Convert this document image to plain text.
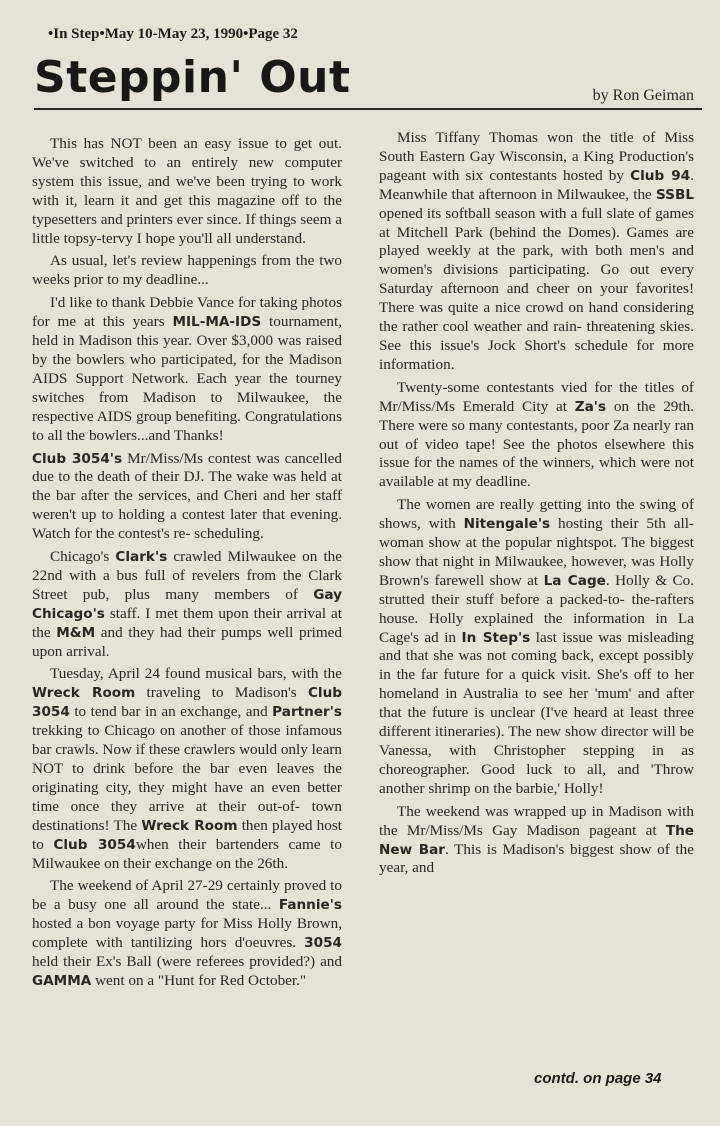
•In Step•May 10-May 23, 1990•Page 32
Steppin' Out	by Ron Geiman

This has NOT been an easy issue to get out. We've switched to an entirely new computer system this issue, and we've been trying to work with it, learn it and get this magazine off to the typesetters and printers ever since. If things seem a little topsy-tervy I hope you'll all understand.

As usual, let's review happenings from the two weeks prior to my deadline...

I'd like to thank Debbie Vance for taking photos for me at this years MIL-MA-IDS tournament, held in Madison this year. Over $3,000 was raised by the bowlers who participated, for the Madison AIDS Support Network. Each year the tourney switches from Madison to Milwaukee, the respective AIDS group benefiting. Congratulations to all the bowlers...and Thanks!

Club 3054's Mr/Miss/Ms contest was cancelled due to the death of their DJ. The wake was held at the bar after the services, and Cheri and her staff weren't up to holding a contest later that evening. Watch for the contest's re- scheduling.

Chicago's Clark's crawled Milwaukee on the 22nd with a bus full of revelers from the Clark Street pub, plus many members of Gay Chicago's staff. I met them upon their arrival at the M&M and they had their pumps well primed upon arrival.

Tuesday, April 24 found musical bars, with the Wreck Room traveling to Madison's Club 3054 to tend bar in an exchange, and Partner's trekking to Chicago on another of those infamous bar crawls. Now if these crawlers would only learn NOT to drink before the bar even leaves the originating city, they might have an even better time once they arrive at their out-of- town destinations! The Wreck Room then played host to Club 3054when their bartenders came to Milwaukee on their exchange on the 26th.

The weekend of April 27-29 certainly proved to be a busy one all around the state... Fannie's hosted a bon voyage party for Miss Holly Brown, complete with tantilizing hors d'oeuvres. 3054 held their Ex's Ball (were referees provided?) and GAMMA went on a "Hunt for Red October."

Miss Tiffany Thomas won the title of Miss South Eastern Gay Wisconsin, a King Production's pageant with six contestants hosted by Club 94. Meanwhile that afternoon in Milwaukee, the SSBL opened its softball season with a full slate of games at Mitchell Park (behind the Domes). Games are played weekly at the park, with both men's and women's divisions participating. Go out every Saturday afternoon and cheer on your favorites! There was quite a nice crowd on hand considering the rather cool weather and rain- threatening skies. See this issue's Jock Short's schedule for more information.

Twenty-some contestants vied for the titles of Mr/Miss/Ms Emerald City at Za's on the 29th. There were so many contestants, poor Za nearly ran out of video tape! See the photos elsewhere this issue for the names of the winners, which were not available at my deadline.

The women are really getting into the swing of shows, with Nitengale's hosting their 5th all- woman show at the popular nightspot. The biggest show that night in Milwaukee, however, was Holly Brown's farewell show at La Cage. Holly & Co. strutted their stuff before a packed-to- the-rafters house. Holly explained the information in La Cage's ad in In Step's last issue was misleading and that she was not coming back, except possibly in the far future for a quick visit. She's off to her homeland in Australia to see her 'mum' and after that the future is unclear (I've heard at least three different itineraries). The new show director will be Vanessa, with Christopher stepping in as choreographer. Good luck to all, and 'Throw another shrimp on the barbie,' Holly!

The weekend was wrapped up in Madison with the Mr/Miss/Ms Gay Madison pageant at The New Bar. This is Madison's biggest show of the year, and

contd. on page 34
